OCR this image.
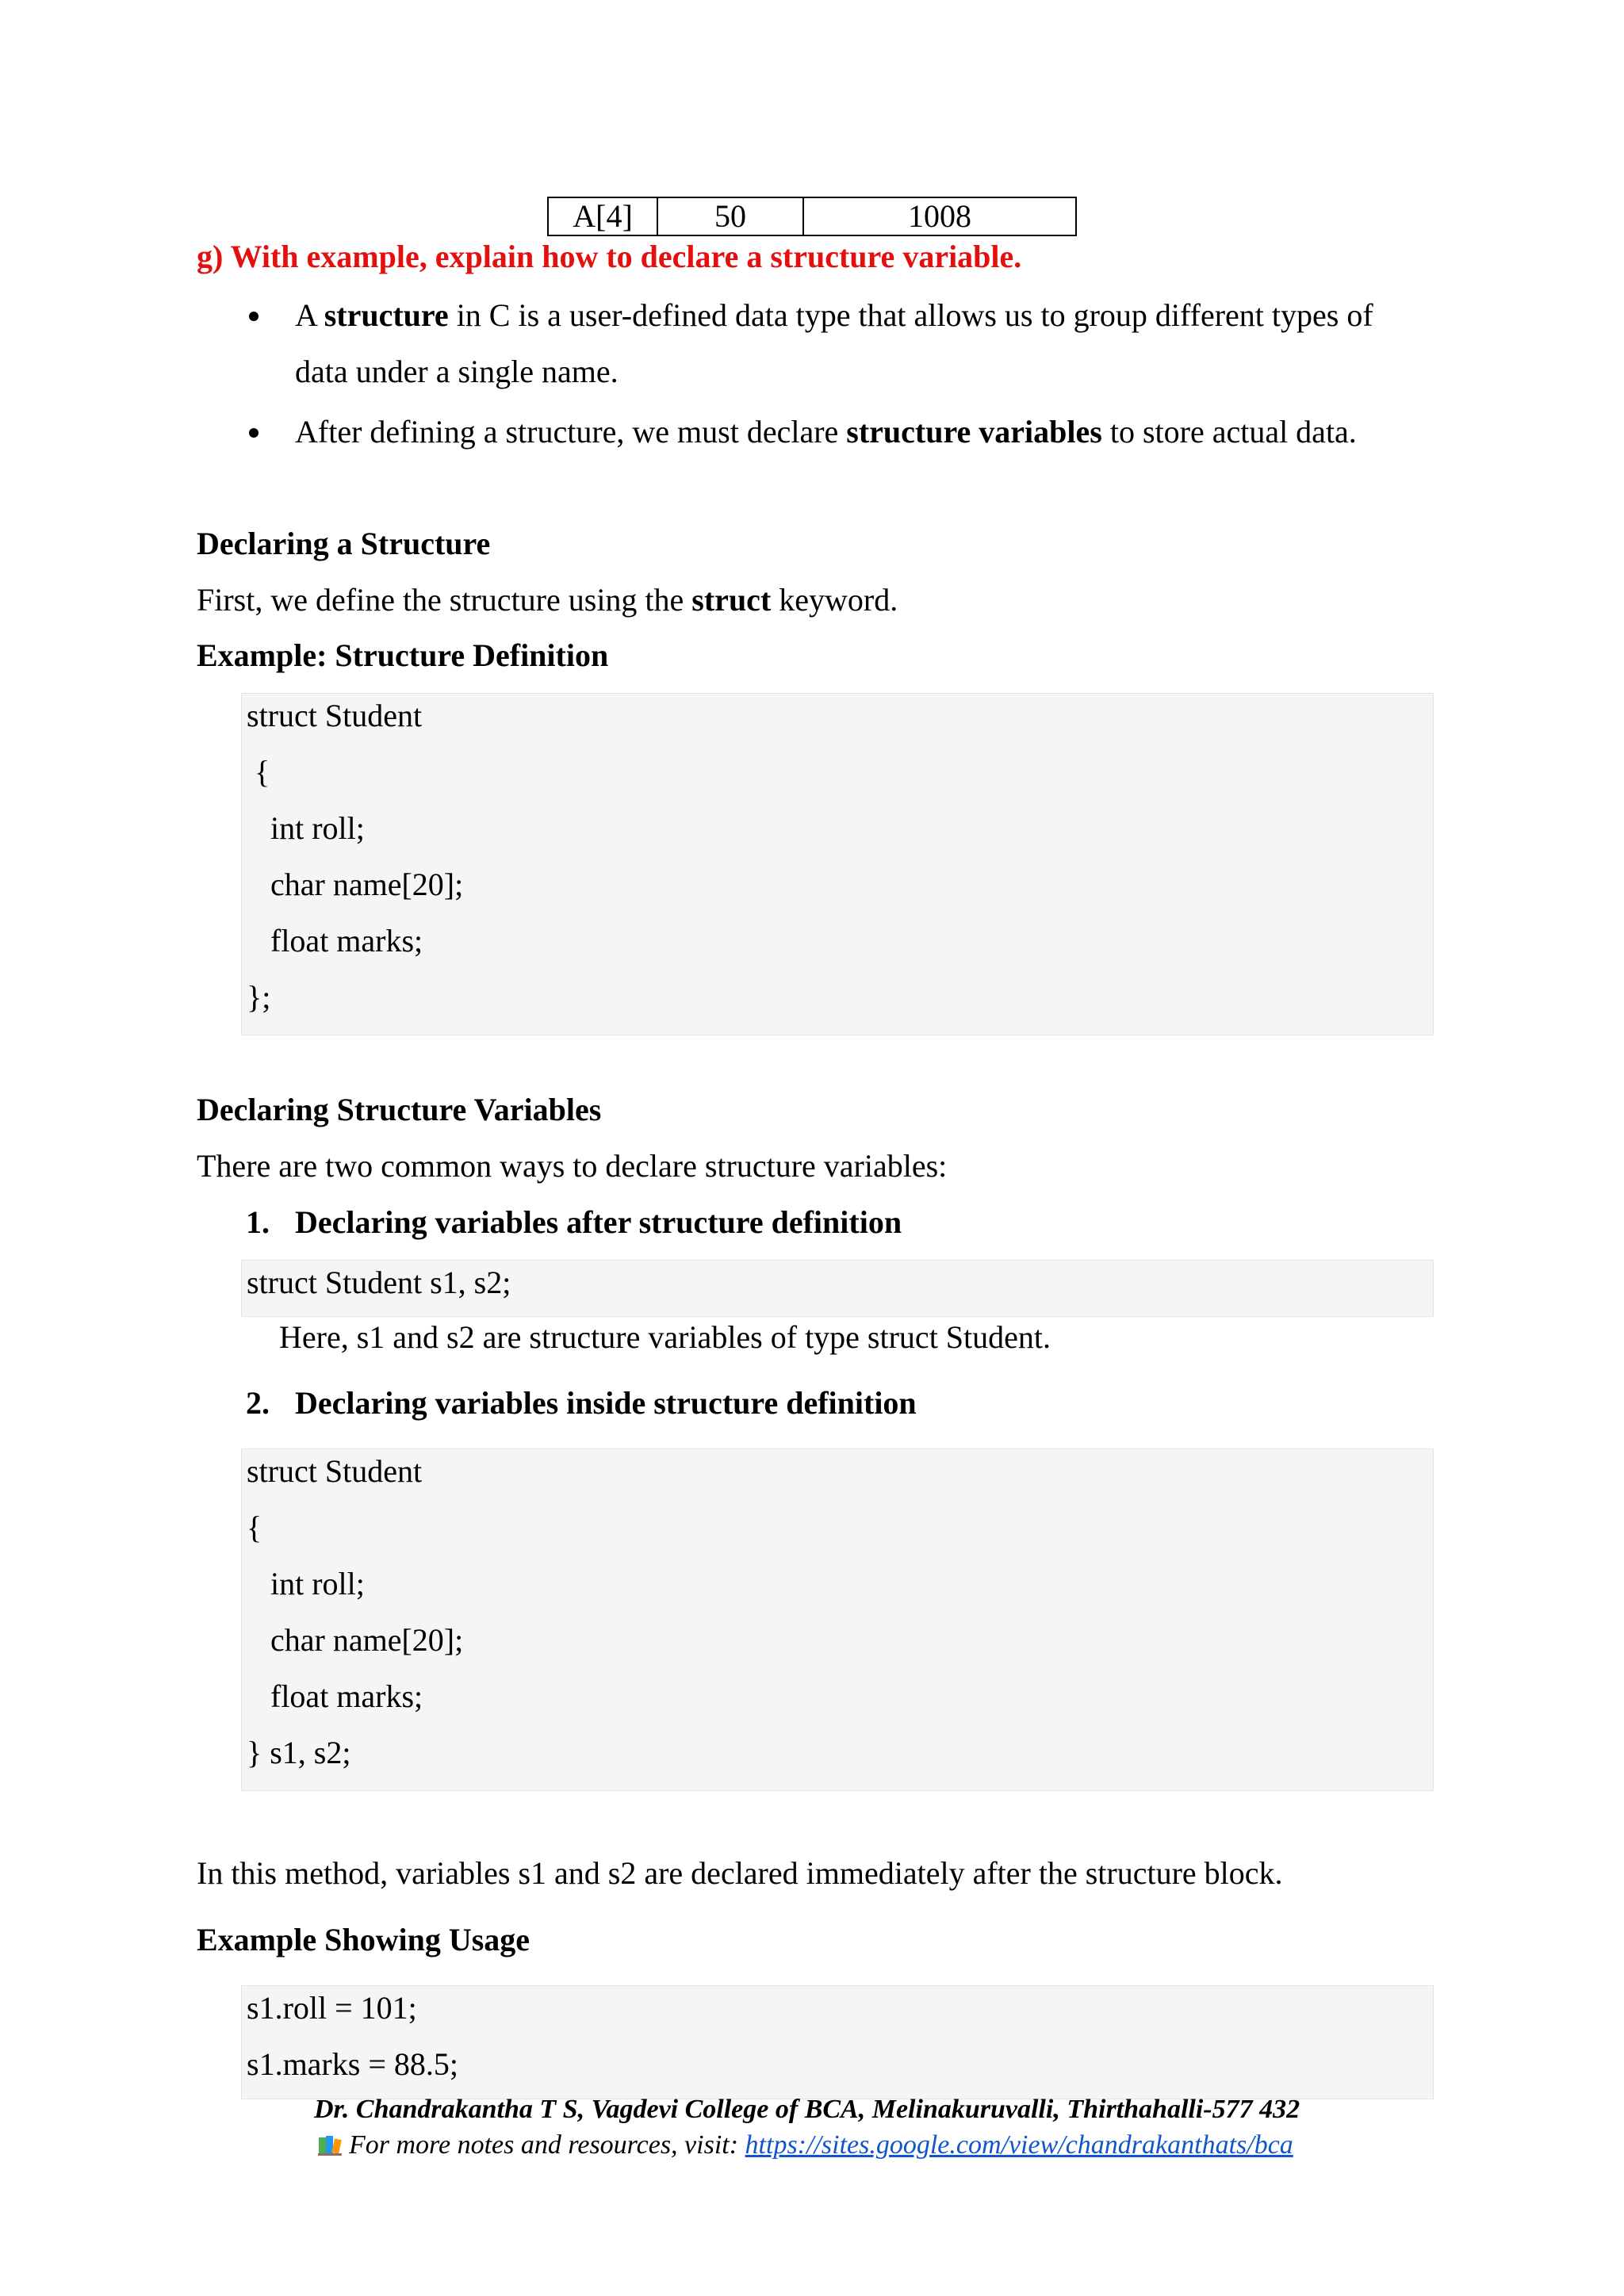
A[4]	50	1008
g) With example, explain how to declare a structure variable.
A structure in C is a user-defined data type that allows us to group different types of
data under a single name.
After defining a structure, we must declare structure variables to store actual data.
Declaring a Structure
First, we define the structure using the struct keyword.
Example: Structure Definition
struct Student
{
int roll;
char name[20];
float marks;
};
Declaring Structure Variables
There are two common ways to declare structure variables:
1. Declaring variables after structure definition
struct Student s1, s2;
Here, s1 and s2 are structure variables of type struct Student.
2. Declaring variables inside structure definition
struct Student
{
int roll;
char name[20];
float marks;
} s1, s2;
In this method, variables s1 and s2 are declared immediately after the structure block.
Example Showing Usage
s1.roll = 101;
s1.marks = 88.5;
Dr. Chandrakantha T S, Vagdevi College of BCA, Melinakuruvalli, Thirthahalli-577 432
For more notes and resources, visit: https://sites.google.com/view/chandrakanthats/bca
